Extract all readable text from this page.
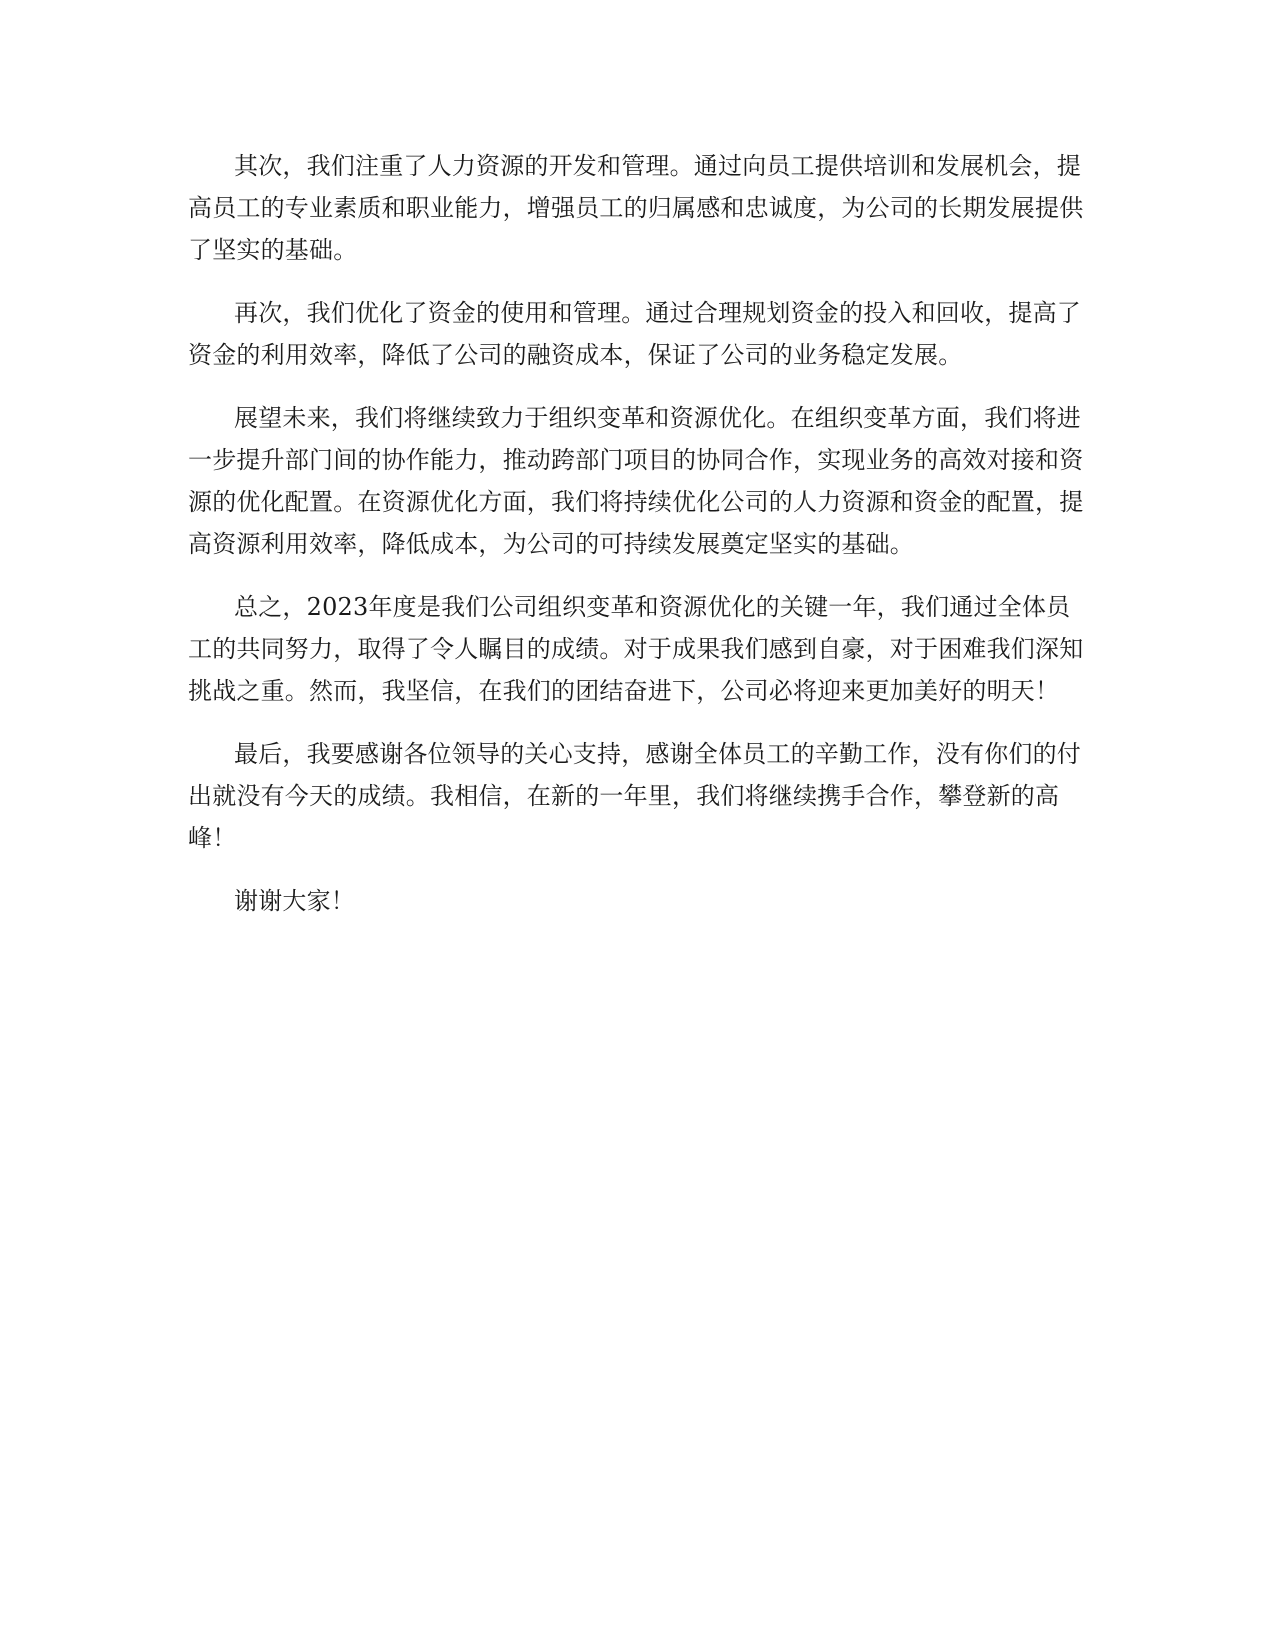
其次，我们注重了人力资源的开发和管理。通过向员工提供培训和发展机会，提高员工的专业素质和职业能力，增强员工的归属感和忠诚度，为公司的长期发展提供了坚实的基础。

再次，我们优化了资金的使用和管理。通过合理规划资金的投入和回收，提高了资金的利用效率，降低了公司的融资成本，保证了公司的业务稳定发展。

展望未来，我们将继续致力于组织变革和资源优化。在组织变革方面，我们将进一步提升部门间的协作能力，推动跨部门项目的协同合作，实现业务的高效对接和资源的优化配置。在资源优化方面，我们将持续优化公司的人力资源和资金的配置，提高资源利用效率，降低成本，为公司的可持续发展奠定坚实的基础。

总之，2023年度是我们公司组织变革和资源优化的关键一年，我们通过全体员工的共同努力，取得了令人瞩目的成绩。对于成果我们感到自豪，对于困难我们深知挑战之重。然而，我坚信，在我们的团结奋进下，公司必将迎来更加美好的明天！

最后，我要感谢各位领导的关心支持，感谢全体员工的辛勤工作，没有你们的付出就没有今天的成绩。我相信，在新的一年里，我们将继续携手合作，攀登新的高峰！

谢谢大家！
